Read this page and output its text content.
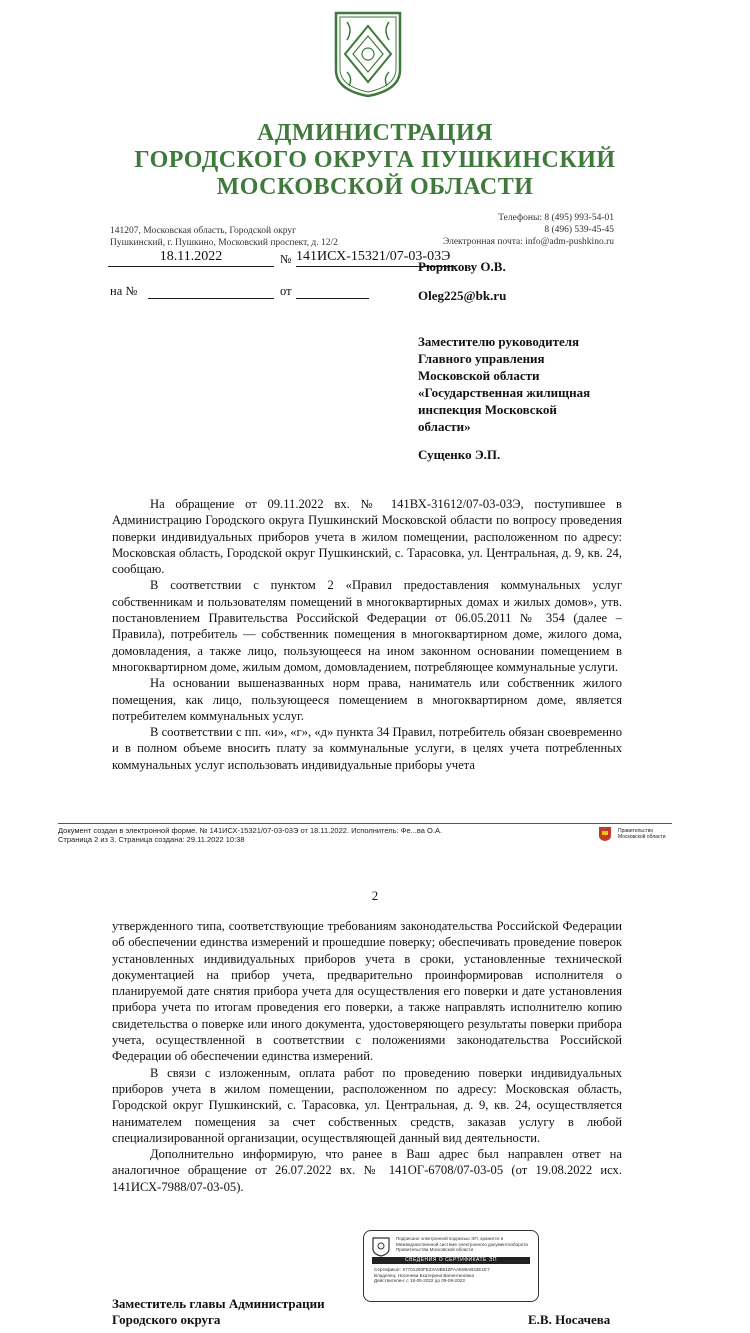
АДМИНИСТРАЦИЯ
ГОРОДСКОГО ОКРУГА ПУШКИНСКИЙ
МОСКОВСКОЙ ОБЛАСТИ
141207, Московская область, Городской округ
Пушкинский, г. Пушкино, Московский проспект, д. 12/2
Телефоны: 8 (495) 993-54-01
8 (496) 539-45-45
Электронная почта: info@adm-pushkino.ru
18.11.2022	№ 141ИСХ-15321/07-03-03Э
на №	от
Рюрикову О.В.
Oleg225@bk.ru
Заместителю руководителя
Главного управления
Московской области
«Государственная жилищная
инспекция Московской
области»
Сущенко Э.П.

На обращение от 09.11.2022 вх. № 141ВХ-31612/07-03-03Э, поступившее в Администрацию Городского округа Пушкинский Московской области по вопросу проведения поверки индивидуальных приборов учета в жилом помещении, расположенном по адресу: Московская область, Городской округ Пушкинский, с. Тарасовка, ул. Центральная, д. 9, кв. 24, сообщаю.

В соответствии с пунктом 2 «Правил предоставления коммунальных услуг собственникам и пользователям помещений в многоквартирных домах и жилых домов», утв. постановлением Правительства Российской Федерации от 06.05.2011 № 354 (далее – Правила), потребитель — собственник помещения в многоквартирном доме, жилого дома, домовладения, а также лицо, пользующееся на ином законном основании помещением в многоквартирном доме, жилым домом, домовладением, потребляющее коммунальные услуги.

На основании вышеназванных норм права, наниматель или собственник жилого помещения, как лицо, пользующееся помещением в многоквартирном доме, является потребителем коммунальных услуг.

В соответствии с пп. «и», «г», «д» пункта 34 Правил, потребитель обязан своевременно и в полном объеме вносить плату за коммунальные услуги, в целях учета потребленных коммунальных услуг использовать индивидуальные приборы учета

Документ создан в электронной форме. № 141ИСХ-15321/07-03-03Э от 18.11.2022. Исполнитель: Фе...ва О.А.
Страница 2 из 3. Страница создана: 29.11.2022 10:38
Правительство Московской области
2

утвержденного типа, соответствующие требованиям законодательства Российской Федерации об обеспечении единства измерений и прошедшие поверку; обеспечивать проведение поверок установленных индивидуальных приборов учета в сроки, установленные технической документацией на прибор учета, предварительно проинформировав исполнителя о планируемой дате снятия прибора учета для осуществления его поверки и дате установления прибора учета по итогам проведения его поверки, а также направлять исполнителю копию свидетельства о поверке или иного документа, удостоверяющего результаты поверки прибора учета, осуществленной в соответствии с положениями законодательства Российской Федерации об обеспечении единства измерений.

В связи с изложенным, оплата работ по проведению поверки индивидуальных приборов учета в жилом помещении, расположенном по адресу: Московская область, Городской округ Пушкинский, с. Тарасовка, ул. Центральная, д. 9, кв. 24, осуществляется нанимателем помещения за счет собственных средств, заказав услугу в любой специализированной организации, осуществляющей данный вид деятельности.

Дополнительно информирую, что ранее в Ваш адрес был направлен ответ на аналогичное обращение от 26.07.2022 вх. № 141ОГ-6708/07-03-05 (от 19.08.2022 исх. 141ИСХ-7988/07-03-05).

Подписано электронной подписью ЭП, хранится в Межведомственной системе электронного документооборота Правительства Московской области
СВЕДЕНИЯ О СЕРТИФИКАТЕ ЭП
Сертификат: 67701260FE23A0B610FAAE89AB33E1E7
Владелец: Носачева Екатерина Валентиновна
Действителен: с 18-05-2022 до 09-08-2023
Заместитель главы Администрации
Городского округа	Е.В. Носачева
